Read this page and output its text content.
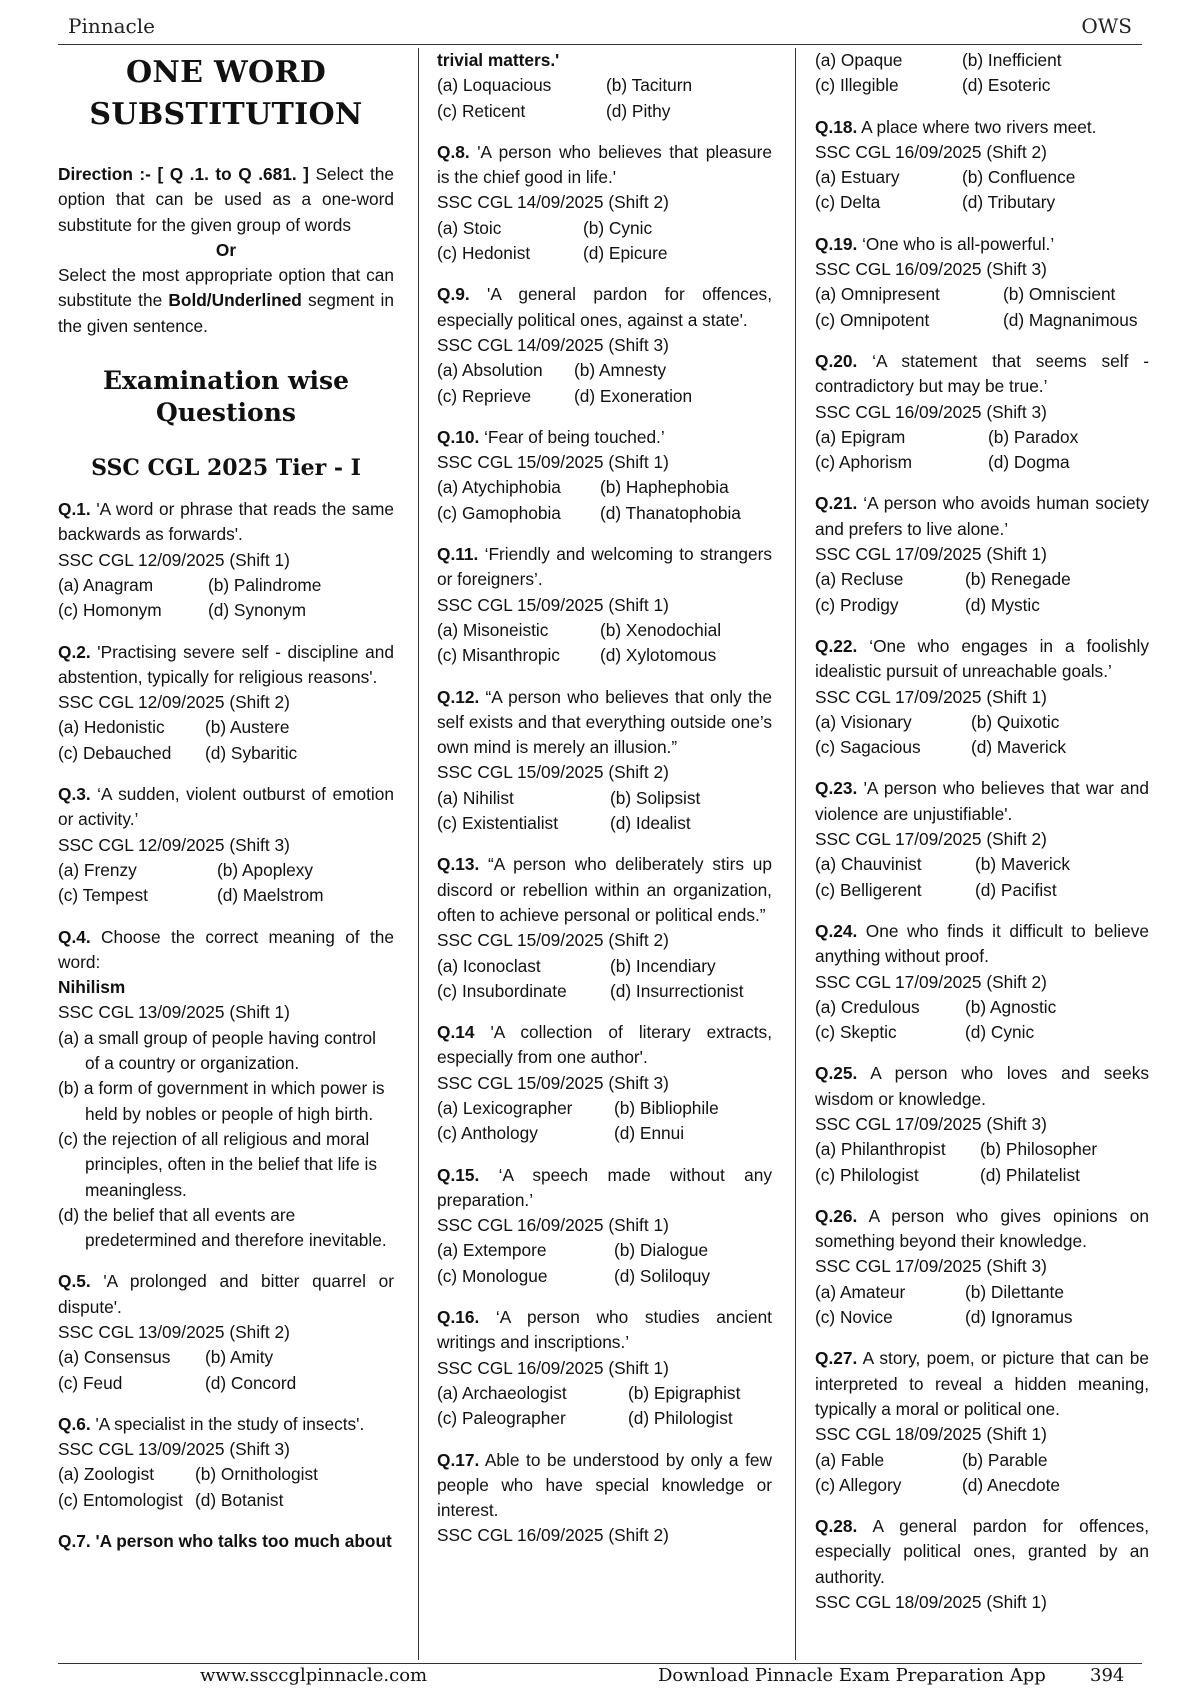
Pinnacle	OWS
ONE WORD
SUBSTITUTION
Direction :- [ Q .1. to Q .681. ] Select the option that can be used as a one-word substitute for the given group of words
Or
Select the most appropriate option that can substitute the Bold/Underlined segment in the given sentence.
Examination wise
Questions
SSC CGL 2025 Tier - I
Q.1. 'A word or phrase that reads the same backwards as forwards'.
SSC CGL 12/09/2025 (Shift 1)
(a) Anagram	(b) Palindrome
(c) Homonym	(d) Synonym
Q.2. 'Practising severe self - discipline and abstention, typically for religious reasons'.
SSC CGL 12/09/2025 (Shift 2)
(a) Hedonistic	(b) Austere
(c) Debauched	(d) Sybaritic
Q.3. ‘A sudden, violent outburst of emotion or activity.’
SSC CGL 12/09/2025 (Shift 3)
(a) Frenzy	(b) Apoplexy
(c) Tempest	(d) Maelstrom
Q.4. Choose the correct meaning of the word:
Nihilism
SSC CGL 13/09/2025 (Shift 1)
(a) a small group of people having control of a country or organization.
(b) a form of government in which power is held by nobles or people of high birth.
(c) the rejection of all religious and moral principles, often in the belief that life is meaningless.
(d) the belief that all events are predetermined and therefore inevitable.
Q.5. 'A prolonged and bitter quarrel or dispute'.
SSC CGL 13/09/2025 (Shift 2)
(a) Consensus	(b) Amity
(c) Feud	(d) Concord
Q.6. 'A specialist in the study of insects'.
SSC CGL 13/09/2025 (Shift 3)
(a) Zoologist	(b) Ornithologist
(c) Entomologist (d) Botanist
Q.7. 'A person who talks too much about
trivial matters.'
(a) Loquacious	(b) Taciturn
(c) Reticent	(d) Pithy
Q.8. 'A person who believes that pleasure is the chief good in life.'
SSC CGL 14/09/2025 (Shift 2)
(a) Stoic	(b) Cynic
(c) Hedonist	(d) Epicure
Q.9. 'A general pardon for offences, especially political ones, against a state'.
SSC CGL 14/09/2025 (Shift 3)
(a) Absolution	(b) Amnesty
(c) Reprieve	(d) Exoneration
Q.10. ‘Fear of being touched.’
SSC CGL 15/09/2025 (Shift 1)
(a) Atychiphobia	(b) Haphephobia
(c) Gamophobia	(d) Thanatophobia
Q.11. ‘Friendly and welcoming to strangers or foreigners’.
SSC CGL 15/09/2025 (Shift 1)
(a) Misoneistic	(b) Xenodochial
(c) Misanthropic	(d) Xylotomous
Q.12. “A person who believes that only the self exists and that everything outside one’s own mind is merely an illusion.”
SSC CGL 15/09/2025 (Shift 2)
(a) Nihilist	(b) Solipsist
(c) Existentialist	(d) Idealist
Q.13. “A person who deliberately stirs up discord or rebellion within an organization, often to achieve personal or political ends.”
SSC CGL 15/09/2025 (Shift 2)
(a) Iconoclast	(b) Incendiary
(c) Insubordinate	(d) Insurrectionist
Q.14 'A collection of literary extracts, especially from one author'.
SSC CGL 15/09/2025 (Shift 3)
(a) Lexicographer	(b) Bibliophile
(c) Anthology	(d) Ennui
Q.15. ‘A speech made without any preparation.’
SSC CGL 16/09/2025 (Shift 1)
(a) Extempore	(b) Dialogue
(c) Monologue	(d) Soliloquy
Q.16. ‘A person who studies ancient writings and inscriptions.’
SSC CGL 16/09/2025 (Shift 1)
(a) Archaeologist	(b) Epigraphist
(c) Paleographer	(d) Philologist
Q.17. Able to be understood by only a few people who have special knowledge or interest.
SSC CGL 16/09/2025 (Shift 2)
(a) Opaque	(b) Inefficient
(c) Illegible	(d) Esoteric
Q.18. A place where two rivers meet.
SSC CGL 16/09/2025 (Shift 2)
(a) Estuary	(b) Confluence
(c) Delta	(d) Tributary
Q.19. ‘One who is all-powerful.’
SSC CGL 16/09/2025 (Shift 3)
(a) Omnipresent	(b) Omniscient
(c) Omnipotent	(d) Magnanimous
Q.20. ‘A statement that seems self - contradictory but may be true.’
SSC CGL 16/09/2025 (Shift 3)
(a) Epigram	(b) Paradox
(c) Aphorism	(d) Dogma
Q.21. ‘A person who avoids human society and prefers to live alone.’
SSC CGL 17/09/2025 (Shift 1)
(a) Recluse	(b) Renegade
(c) Prodigy	(d) Mystic
Q.22. ‘One who engages in a foolishly idealistic pursuit of unreachable goals.’
SSC CGL 17/09/2025 (Shift 1)
(a) Visionary	(b) Quixotic
(c) Sagacious	(d) Maverick
Q.23. 'A person who believes that war and violence are unjustifiable'.
SSC CGL 17/09/2025 (Shift 2)
(a) Chauvinist	(b) Maverick
(c) Belligerent	(d) Pacifist
Q.24. One who finds it difficult to believe anything without proof.
SSC CGL 17/09/2025 (Shift 2)
(a) Credulous	(b) Agnostic
(c) Skeptic	(d) Cynic
Q.25. A person who loves and seeks wisdom or knowledge.
SSC CGL 17/09/2025 (Shift 3)
(a) Philanthropist	(b) Philosopher
(c) Philologist	(d) Philatelist
Q.26. A person who gives opinions on something beyond their knowledge.
SSC CGL 17/09/2025 (Shift 3)
(a) Amateur	(b) Dilettante
(c) Novice	(d) Ignoramus
Q.27. A story, poem, or picture that can be interpreted to reveal a hidden meaning, typically a moral or political one.
SSC CGL 18/09/2025 (Shift 1)
(a) Fable	(b) Parable
(c) Allegory	(d) Anecdote
Q.28. A general pardon for offences, especially political ones, granted by an authority.
SSC CGL 18/09/2025 (Shift 1)
www.ssccglpinnacle.com	Download Pinnacle Exam Preparation App 394
